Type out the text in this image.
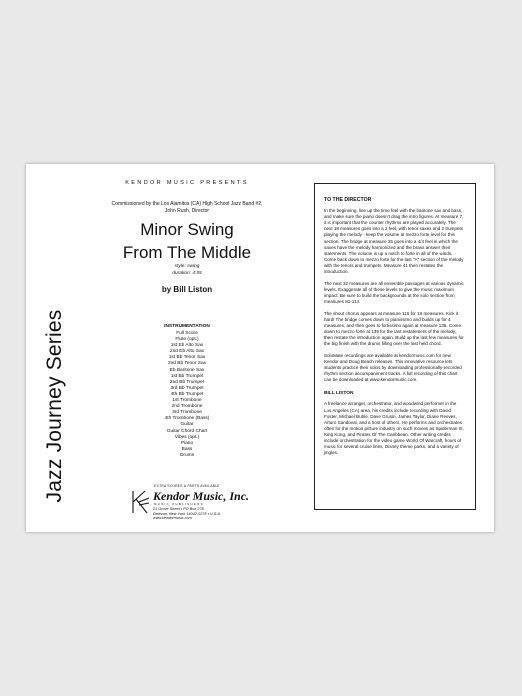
Jazz Journey Series
KENDOR MUSIC PRESENTS
Commissioned by the Los Alamitos (CA) High School Jazz Band #2,
John Rush, Director
Minor Swing
From The Middle
style: swing
duration: 4:55
by Bill Liston
INSTRUMENTATION
Full Score
Flute (opt.)
1st Eb Alto Sax
2nd Eb Alto Sax
1st Bb Tenor Sax
2nd Bb Tenor Sax
Eb Baritone Sax
1st Bb Trumpet
2nd Bb Trumpet
3rd Bb Trumpet
4th Bb Trumpet
1st Trombone
2nd Trombone
3rd Trombone
4th Trombone (Bass)
Guitar
Guitar Chord Chart
Vibes (opt.)
Piano
Bass
Drums
EXTRA SCORES & PARTS AVAILABLE
Kendor Music, Inc.
MUSIC PUBLISHERS
21 Grove Street • PO Box 278
Delevan, New York 14042-0278 • U.S.A.
www.kendormusic.com
TO THE DIRECTOR

In the beginning, line up the time feel with the baritone sax and bass, and make sure the piano doesn't drag the intro figures. At measure 7, it is important that the counter rhythms are played accurately. The next 18 measures goes into a 2 feel, with tenor saxes and 2 trumpets playing the melody - keep the volume at mezzo forte level for this section. The bridge at measure 25 goes into a 4/4 feel in which the saxes have the melody harmonized and the brass answer their statements. The volume is up a notch to forte in all of the winds. Come back down to mezzo forte for the last "A" section of the melody with the tenors and trumpets. Measure 41 then restates the introduction.

The next 32 measures are all ensemble passages at various dynamic levels. Exaggerate all of these levels to give the music maximum impact. Be sure to build the backgrounds at the solo section from measures 81-114.

The shout chorus appears at measure 115 for 16 measures. Kick it hard! The bridge comes down to pianissimo and builds up for 4 measures, and then goes to fortissimo again at measure 135. Come down to mezzo forte at 139 for the last restatement of the melody, then restate the introduction again. Build up the last few measures for the big finish with the drums filling over the last held chord.

SoloMate recordings are available at kendormusic.com for new Kendor and Doug Beach releases. This innovative resource lets students practice their solos by downloading professionally-recorded rhythm section accompaniment tracks. A full recording of this chart can be downloaded at www.kendormusic.com.

BILL LISTON

A freelance arranger, orchestrator, and woodwind performer in the Los Angeles (CA) area, his credits include recording with David Foster, Michael Buble, Dave Grusin, James Taylor, Diane Reeves, Arturo Sandoval, and a host of others. He performs and orchestrates often for the motion picture industry on such movies as Spiderman III, King Kong, and Pirates Of The Caribbean. Other writing credits include orchestration for the video game World Of Warcraft, hours of music for several cruise lines, Disney theme parks, and a variety of jingles.
